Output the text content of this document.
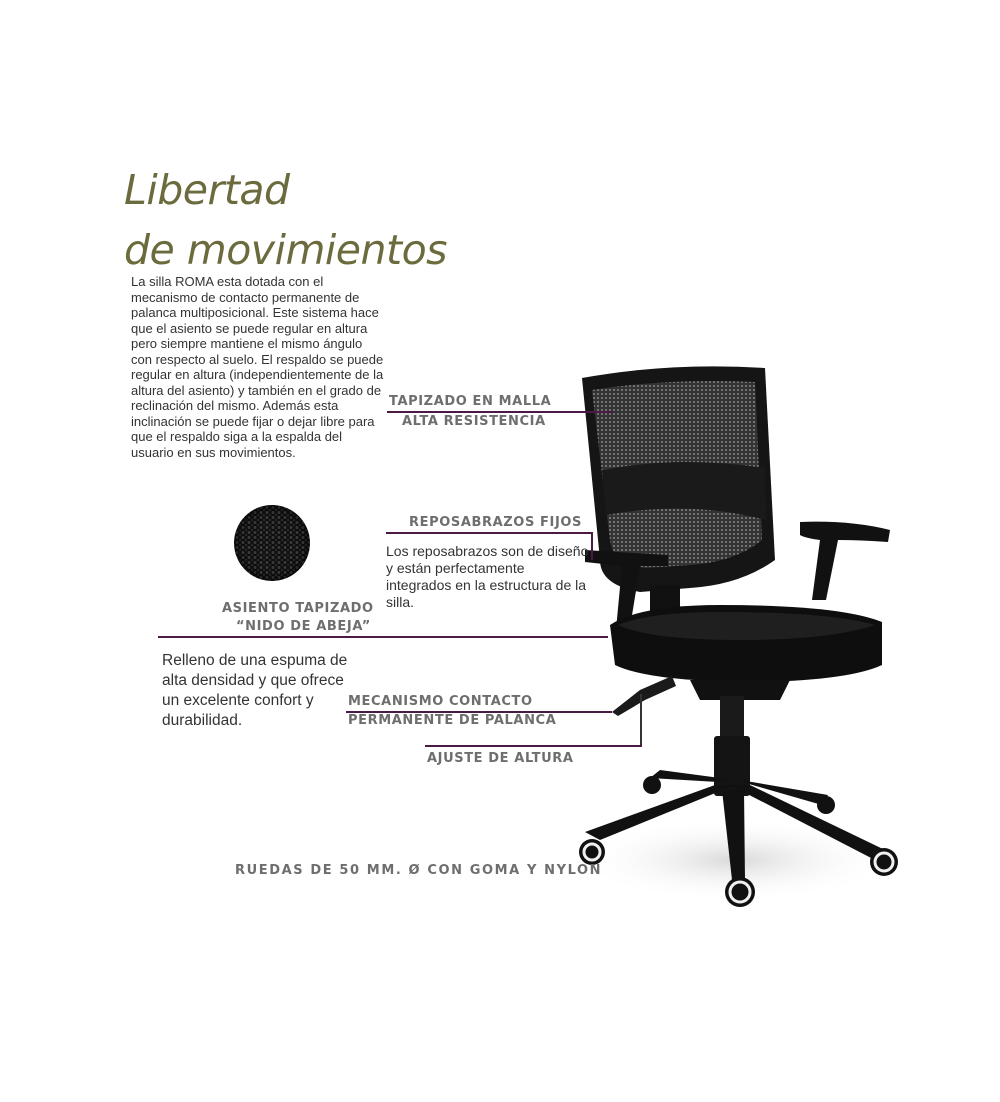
Libertad
de movimientos
La silla ROMA esta dotada con el mecanismo de contacto permanente de palanca multiposicional. Este sistema hace que el asiento se puede regular en altura pero siempre mantiene el mismo ángulo con respecto al suelo. El respaldo se puede regular en altura (independientemente de la altura del asiento) y también en el grado de reclinación del mismo. Además esta inclinación se puede fijar o dejar libre para que el respaldo siga a la espalda del usuario en sus movimientos.
TAPIZADO EN MALLA
ALTA RESISTENCIA
REPOSABRAZOS FIJOS
Los reposabrazos son de diseño y están perfectamente integrados en la estructura de la silla.
ASIENTO TAPIZADO
“NIDO DE ABEJA”
Relleno de una espuma de alta densidad y que ofrece un excelente confort y durabilidad.
MECANISMO CONTACTO
PERMANENTE DE PALANCA
AJUSTE DE ALTURA
RUEDAS DE 50 MM. Ø CON GOMA Y NYLON
